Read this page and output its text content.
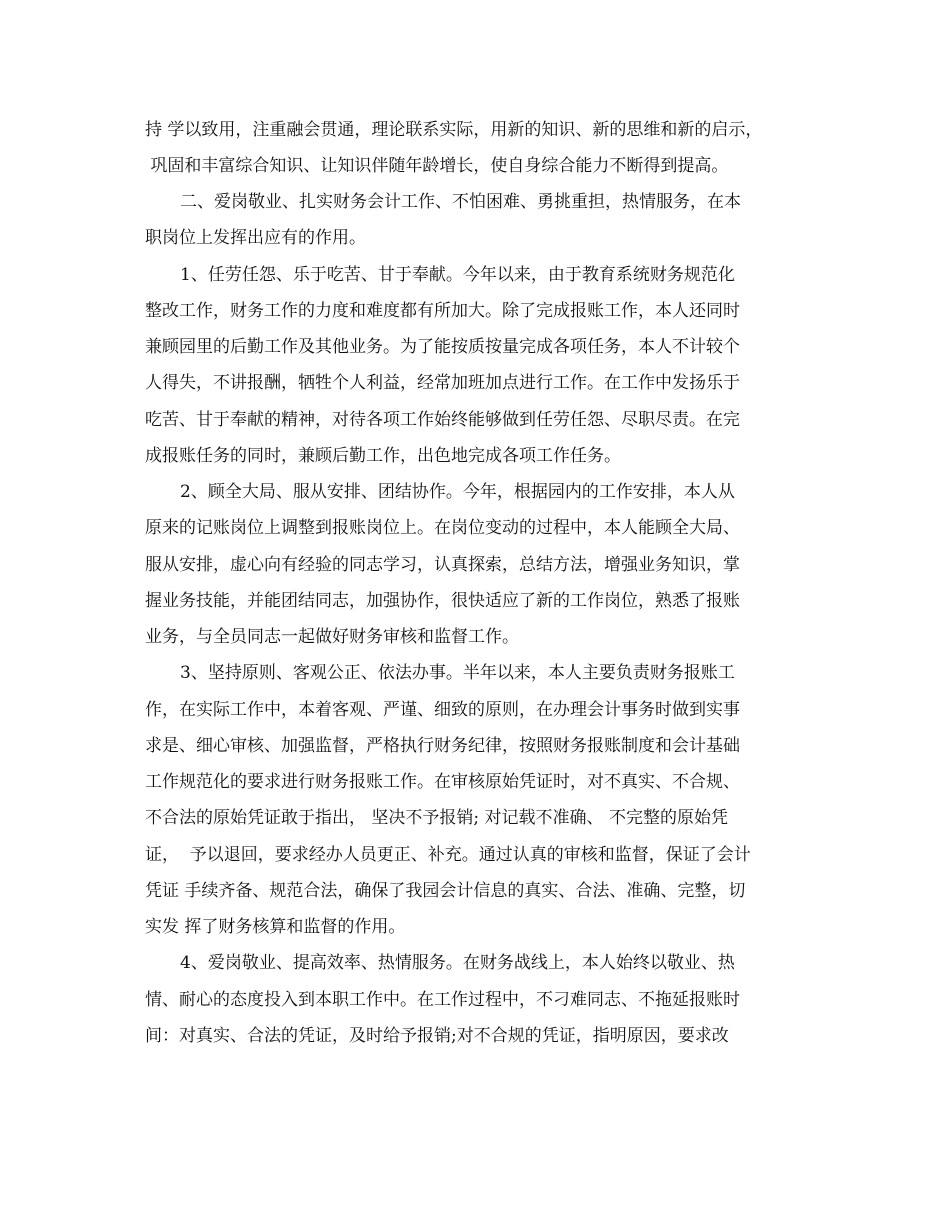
持 学以致用，注重融会贯通，理论联系实际，用新的知识、新的思维和新的启示，
巩固和丰富综合知识、让知识伴随年龄增长，使自身综合能力不断得到提高。
二、爱岗敬业、扎实财务会计工作、不怕困难、勇挑重担，热情服务，在本
职岗位上发挥出应有的作用。
1、任劳任怨、乐于吃苦、甘于奉献。今年以来，由于教育系统财务规范化
整改工作，财务工作的力度和难度都有所加大。除了完成报账工作，本人还同时
兼顾园里的后勤工作及其他业务。为了能按质按量完成各项任务，本人不计较个
人得失，不讲报酬，牺牲个人利益，经常加班加点进行工作。在工作中发扬乐于
吃苦、甘于奉献的精神，对待各项工作始终能够做到任劳任怨、尽职尽责。在完
成报账任务的同时，兼顾后勤工作，出色地完成各项工作任务。
2、顾全大局、服从安排、团结协作。今年，根据园内的工作安排，本人从
原来的记账岗位上调整到报账岗位上。在岗位变动的过程中，本人能顾全大局、
服从安排，虚心向有经验的同志学习，认真探索，总结方法，增强业务知识，掌
握业务技能，并能团结同志，加强协作，很快适应了新的工作岗位，熟悉了报账
业务，与全员同志一起做好财务审核和监督工作。
3、坚持原则、客观公正、依法办事。半年以来，本人主要负责财务报账工
作，在实际工作中，本着客观、严谨、细致的原则，在办理会计事务时做到实事
求是、细心审核、加强监督，严格执行财务纪律，按照财务报账制度和会计基础
工作规范化的要求进行财务报账工作。在审核原始凭证时，对不真实、不合规、
不合法的原始凭证敢于指出， 坚决不予报销; 对记载不准确、 不完整的原始凭
证，  予以退回，要求经办人员更正、补充。通过认真的审核和监督，保证了会计
凭证 手续齐备、规范合法，确保了我园会计信息的真实、合法、准确、完整，切
实发 挥了财务核算和监督的作用。
4、爱岗敬业、提高效率、热情服务。在财务战线上，本人始终以敬业、热
情、耐心的态度投入到本职工作中。在工作过程中，不刁难同志、不拖延报账时
间：对真实、合法的凭证，及时给予报销;对不合规的凭证，指明原因，要求改
